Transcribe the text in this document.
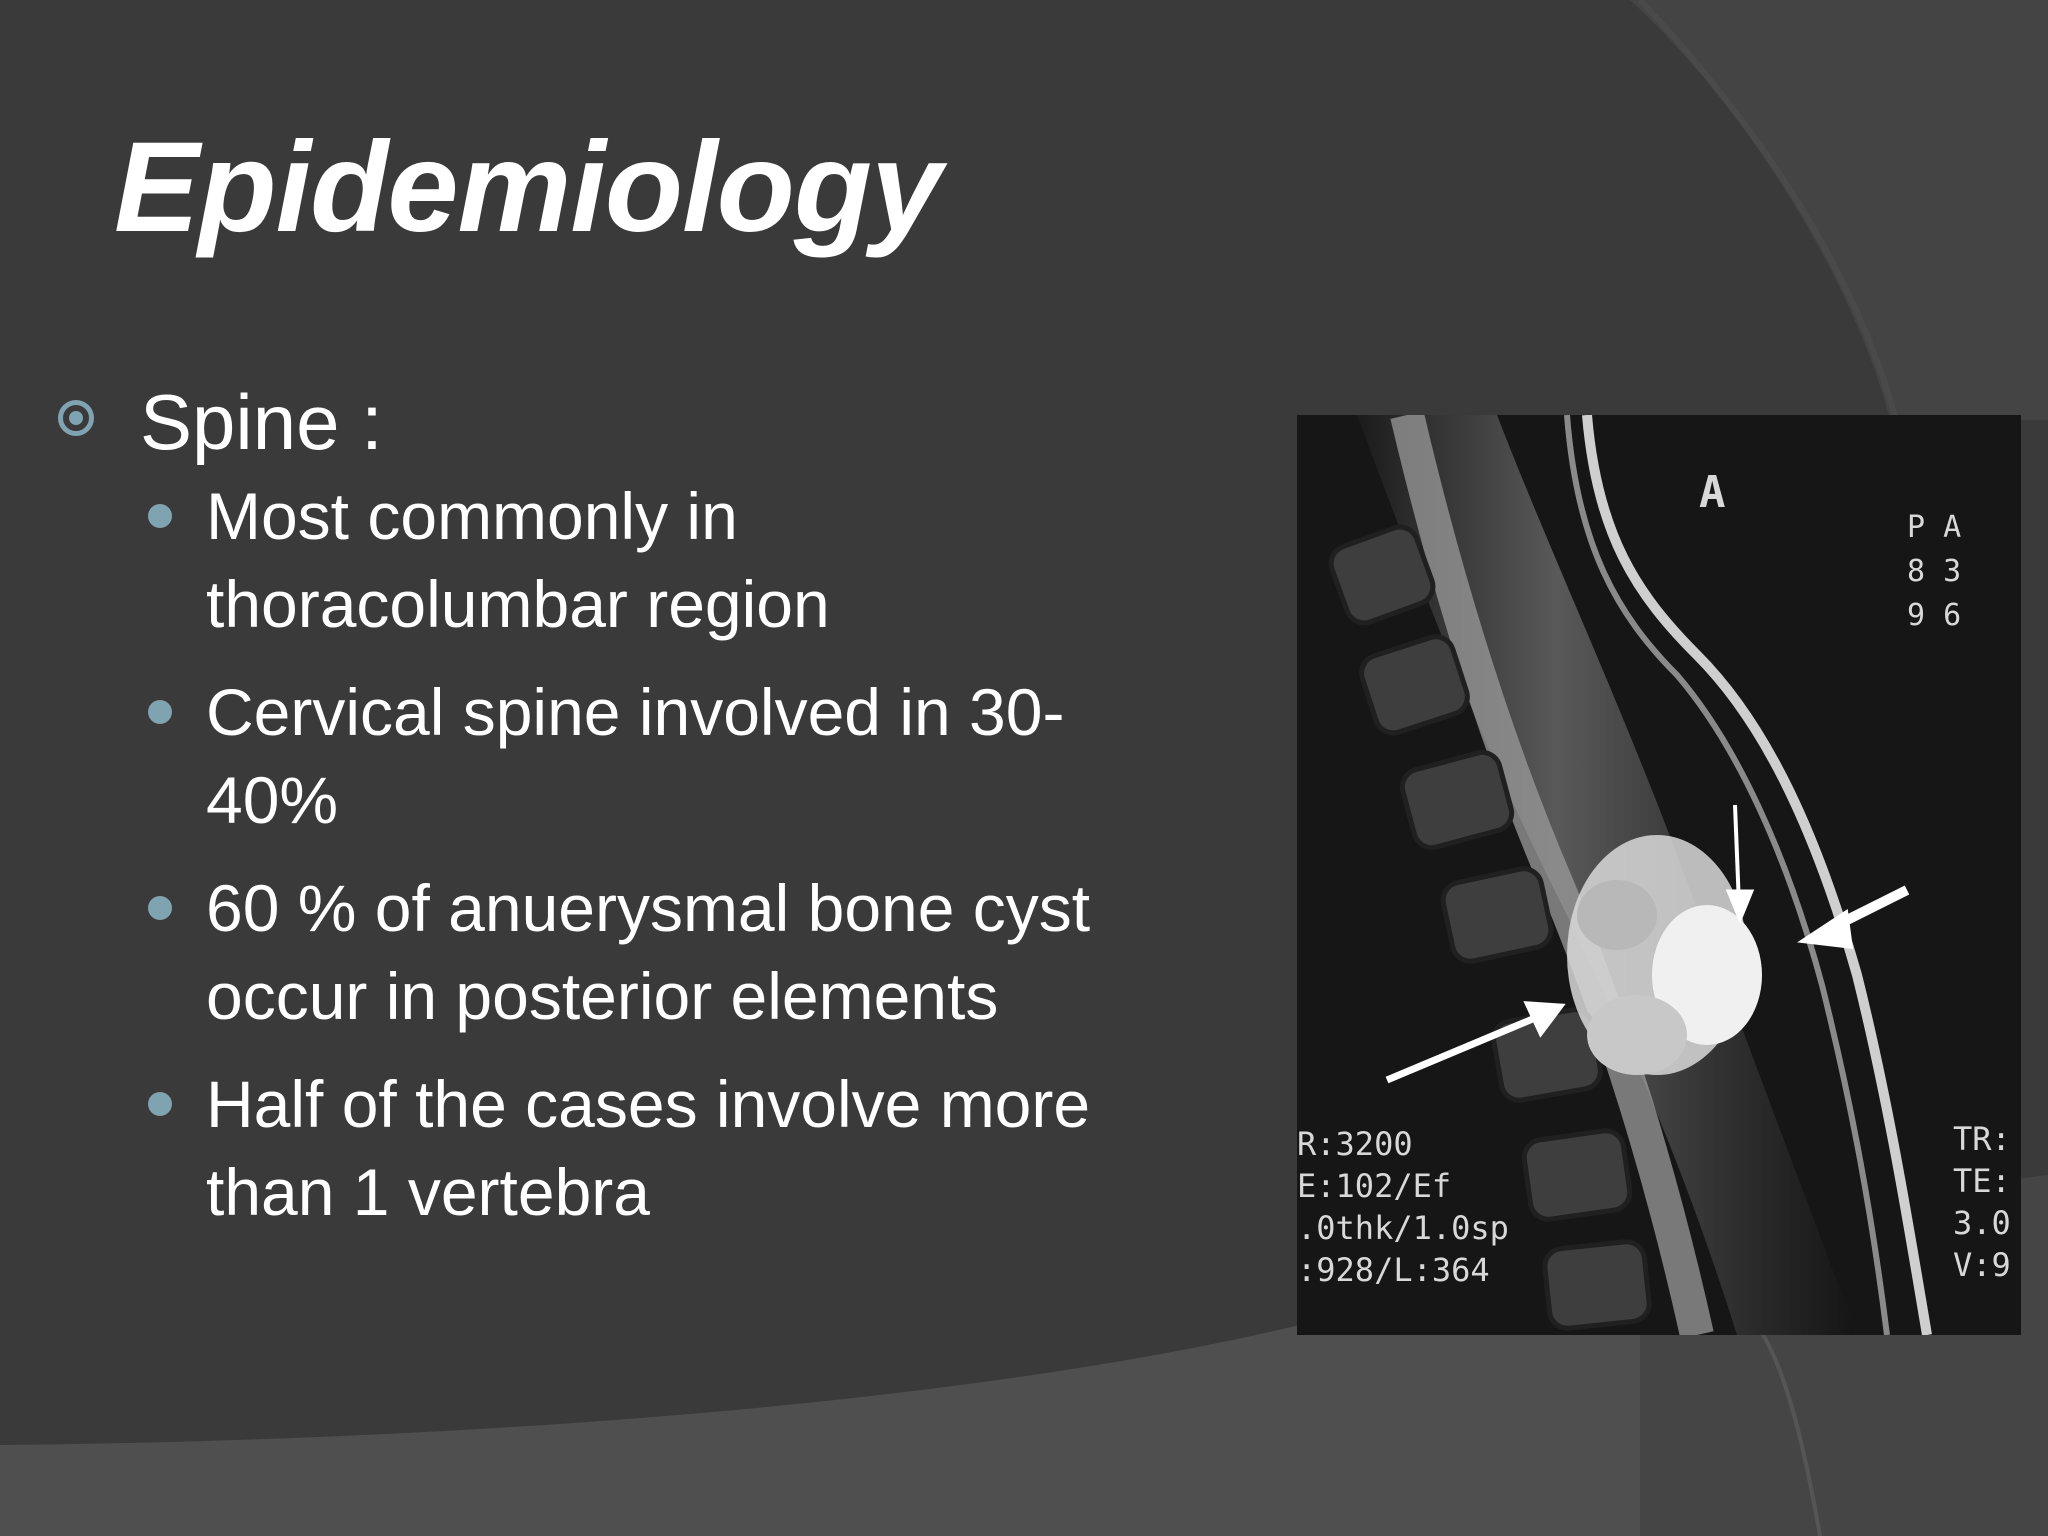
Epidemiology
Spine :
Most commonly in
thoracolumbar region
Cervical spine involved in 30-
40%
60 % of anuerysmal bone cyst
occur in posterior elements
Half of the cases involve more
than 1 vertebra
A
P A
8 3
9 6
R:3200
E:102/Ef
.0thk/1.0sp
:928/L:364
TR:
TE:
3.0
V:9
